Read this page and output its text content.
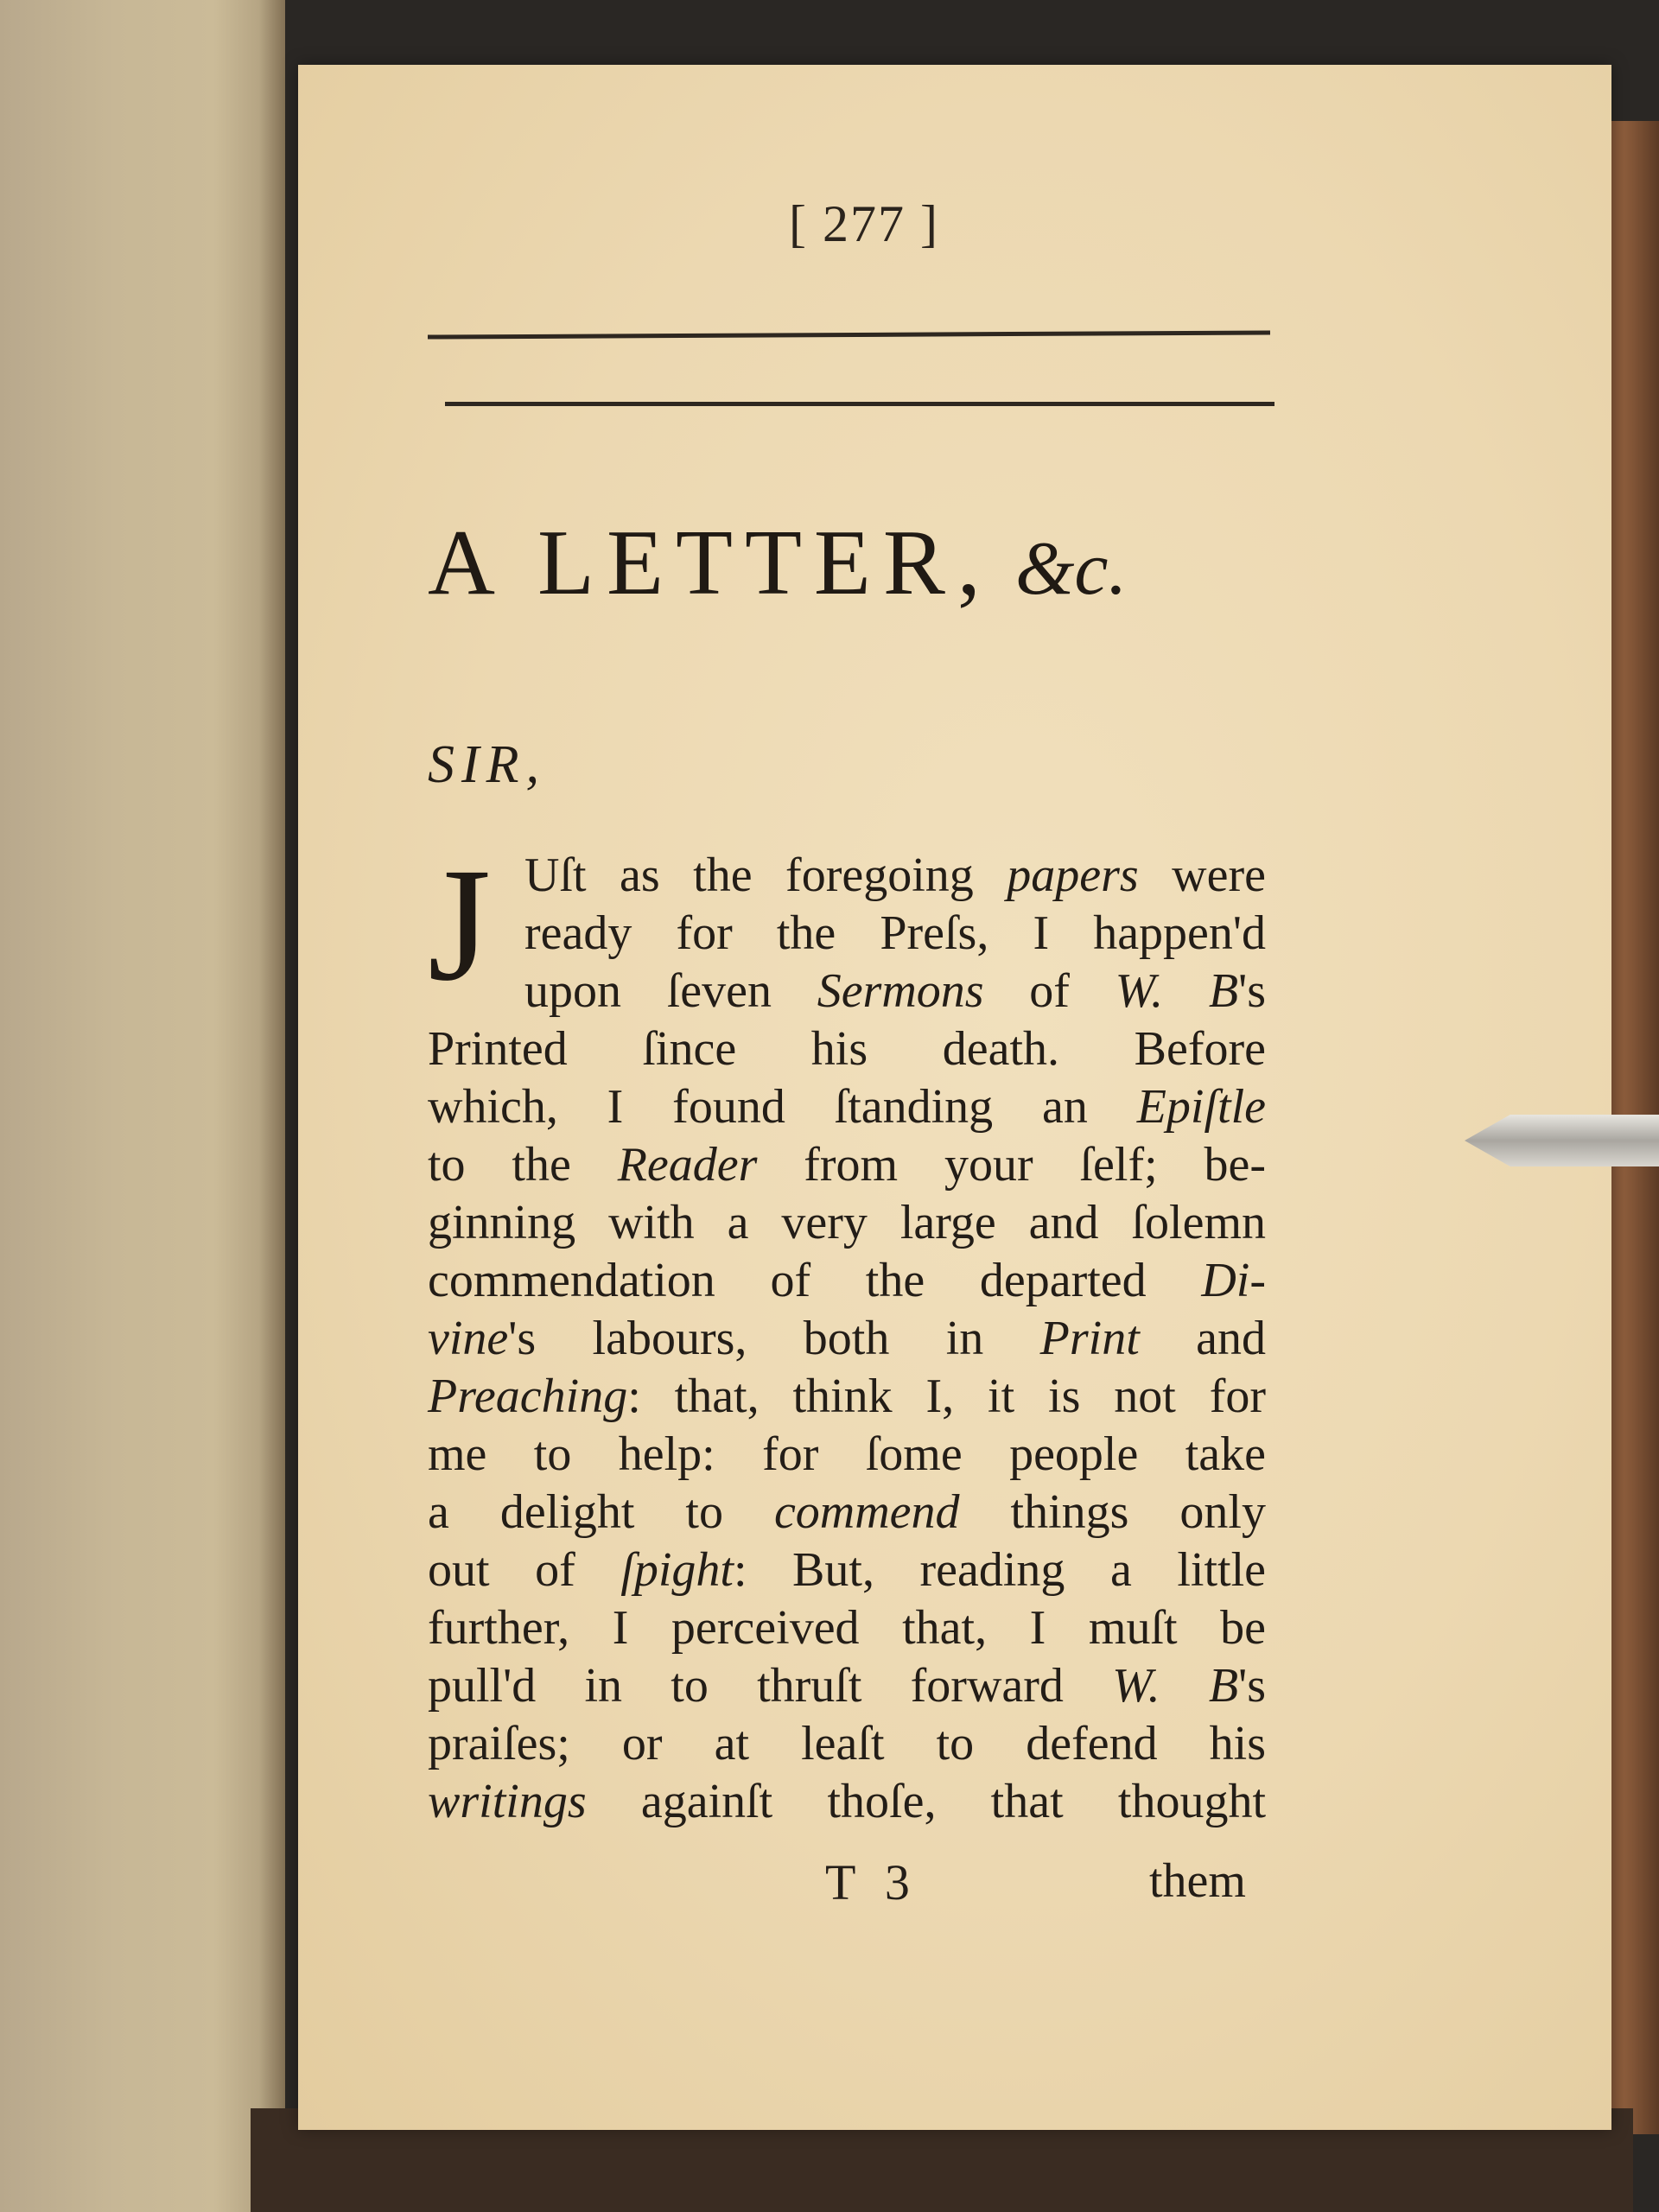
[ 277 ]
A LETTER, &c.
SIR,
J Uſt as the foregoing papers were
ready for the Preſs, I happen'd
upon ſeven Sermons of W. B's
Printed ſince his death. Before
which, I found ſtanding an Epiſtle
to the Reader from your ſelf; be-
ginning with a very large and ſolemn
commendation of the departed Di-
vine's labours, both in Print and
Preaching: that, think I, it is not for
me to help: for ſome people take
a delight to commend things only
out of ſpight: But, reading a little
further, I perceived that, I muſt be
pull'd in to thruſt forward W. B's
praiſes; or at leaſt to defend his
writings againſt thoſe, that thought
T 3	them
